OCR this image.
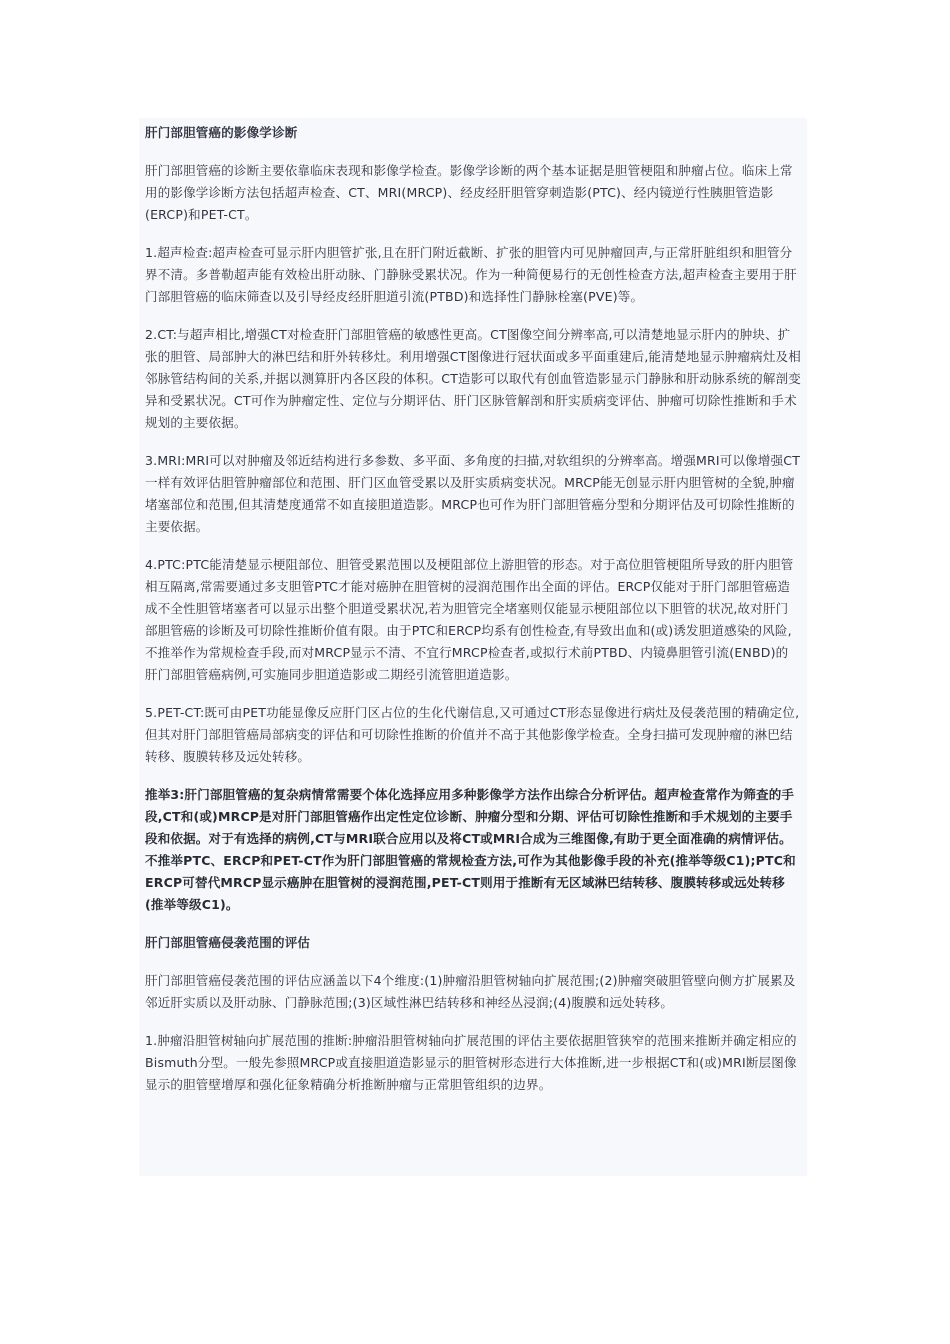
肝门部胆管癌的影像学诊断

肝门部胆管癌的诊断主要依靠临床表现和影像学检查。影像学诊断的两个基本证据是胆管梗阻和肿瘤占位。临床上常用的影像学诊断方法包括超声检查、CT、MRI(MRCP)、经皮经肝胆管穿刺造影(PTC)、经内镜逆行性胰胆管造影(ERCP)和PET-CT。

1.超声检查:超声检查可显示肝内胆管扩张,且在肝门附近截断、扩张的胆管内可见肿瘤回声,与正常肝脏组织和胆管分界不清。多普勒超声能有效检出肝动脉、门静脉受累状况。作为一种简便易行的无创性检查方法,超声检查主要用于肝门部胆管癌的临床筛查以及引导经皮经肝胆道引流(PTBD)和选择性门静脉栓塞(PVE)等。

2.CT:与超声相比,增强CT对检查肝门部胆管癌的敏感性更高。CT图像空间分辨率高,可以清楚地显示肝内的肿块、扩张的胆管、局部肿大的淋巴结和肝外转移灶。利用增强CT图像进行冠状面或多平面重建后,能清楚地显示肿瘤病灶及相邻脉管结构间的关系,并据以测算肝内各区段的体积。CT造影可以取代有创血管造影显示门静脉和肝动脉系统的解剖变异和受累状况。CT可作为肿瘤定性、定位与分期评估、肝门区脉管解剖和肝实质病变评估、肿瘤可切除性推断和手术规划的主要依据。

3.MRI:MRI可以对肿瘤及邻近结构进行多参数、多平面、多角度的扫描,对软组织的分辨率高。增强MRI可以像增强CT一样有效评估胆管肿瘤部位和范围、肝门区血管受累以及肝实质病变状况。MRCP能无创显示肝内胆管树的全貌,肿瘤堵塞部位和范围,但其清楚度通常不如直接胆道造影。MRCP也可作为肝门部胆管癌分型和分期评估及可切除性推断的主要依据。

4.PTC:PTC能清楚显示梗阻部位、胆管受累范围以及梗阻部位上游胆管的形态。对于高位胆管梗阻所导致的肝内胆管相互隔离,常需要通过多支胆管PTC才能对癌肿在胆管树的浸润范围作出全面的评估。ERCP仅能对于肝门部胆管癌造成不全性胆管堵塞者可以显示出整个胆道受累状况,若为胆管完全堵塞则仅能显示梗阻部位以下胆管的状况,故对肝门部胆管癌的诊断及可切除性推断价值有限。由于PTC和ERCP均系有创性检查,有导致出血和(或)诱发胆道感染的风险,不推举作为常规检查手段,而对MRCP显示不清、不宜行MRCP检查者,或拟行术前PTBD、内镜鼻胆管引流(ENBD)的肝门部胆管癌病例,可实施同步胆道造影或二期经引流管胆道造影。

5.PET-CT:既可由PET功能显像反应肝门区占位的生化代谢信息,又可通过CT形态显像进行病灶及侵袭范围的精确定位,但其对肝门部胆管癌局部病变的评估和可切除性推断的价值并不高于其他影像学检查。全身扫描可发现肿瘤的淋巴结转移、腹膜转移及远处转移。

推举3:肝门部胆管癌的复杂病情常需要个体化选择应用多种影像学方法作出综合分析评估。超声检查常作为筛查的手段,CT和(或)MRCP是对肝门部胆管癌作出定性定位诊断、肿瘤分型和分期、评估可切除性推断和手术规划的主要手段和依据。对于有选择的病例,CT与MRI联合应用以及将CT或MRI合成为三维图像,有助于更全面准确的病情评估。不推举PTC、ERCP和PET-CT作为肝门部胆管癌的常规检查方法,可作为其他影像手段的补充(推举等级C1);PTC和ERCP可替代MRCP显示癌肿在胆管树的浸润范围,PET-CT则用于推断有无区域淋巴结转移、腹膜转移或远处转移(推举等级C1)。

肝门部胆管癌侵袭范围的评估

肝门部胆管癌侵袭范围的评估应涵盖以下4个维度:(1)肿瘤沿胆管树轴向扩展范围;(2)肿瘤突破胆管壁向侧方扩展累及邻近肝实质以及肝动脉、门静脉范围;(3)区域性淋巴结转移和神经丛浸润;(4)腹膜和远处转移。

1.肿瘤沿胆管树轴向扩展范围的推断:肿瘤沿胆管树轴向扩展范围的评估主要依据胆管狭窄的范围来推断并确定相应的Bismuth分型。一般先参照MRCP或直接胆道造影显示的胆管树形态进行大体推断,进一步根据CT和(或)MRI断层图像显示的胆管壁增厚和强化征象精确分析推断肿瘤与正常胆管组织的边界。
